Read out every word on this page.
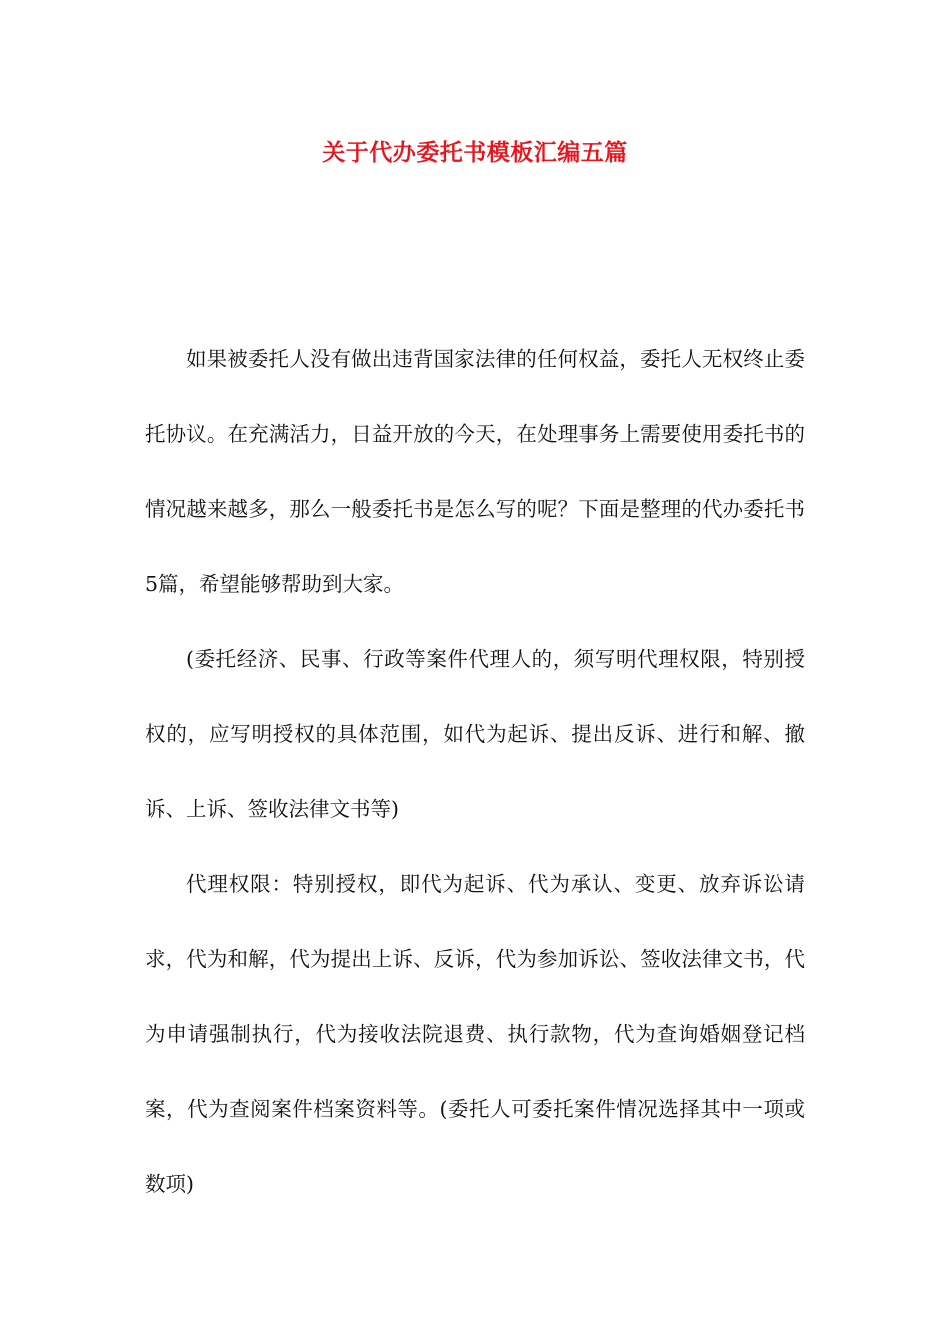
关于代办委托书模板汇编五篇

如果被委托人没有做出违背国家法律的任何权益，委托人无权终止委托协议。在充满活力，日益开放的今天，在处理事务上需要使用委托书的情况越来越多，那么一般委托书是怎么写的呢？下面是整理的代办委托书5篇，希望能够帮助到大家。

(委托经济、民事、行政等案件代理人的，须写明代理权限，特别授权的，应写明授权的具体范围，如代为起诉、提出反诉、进行和解、撤诉、上诉、签收法律文书等)

代理权限：特别授权，即代为起诉、代为承认、变更、放弃诉讼请求，代为和解，代为提出上诉、反诉，代为参加诉讼、签收法律文书，代为申请强制执行，代为接收法院退费、执行款物，代为查询婚姻登记档案，代为查阅案件档案资料等。(委托人可委托案件情况选择其中一项或数项)
